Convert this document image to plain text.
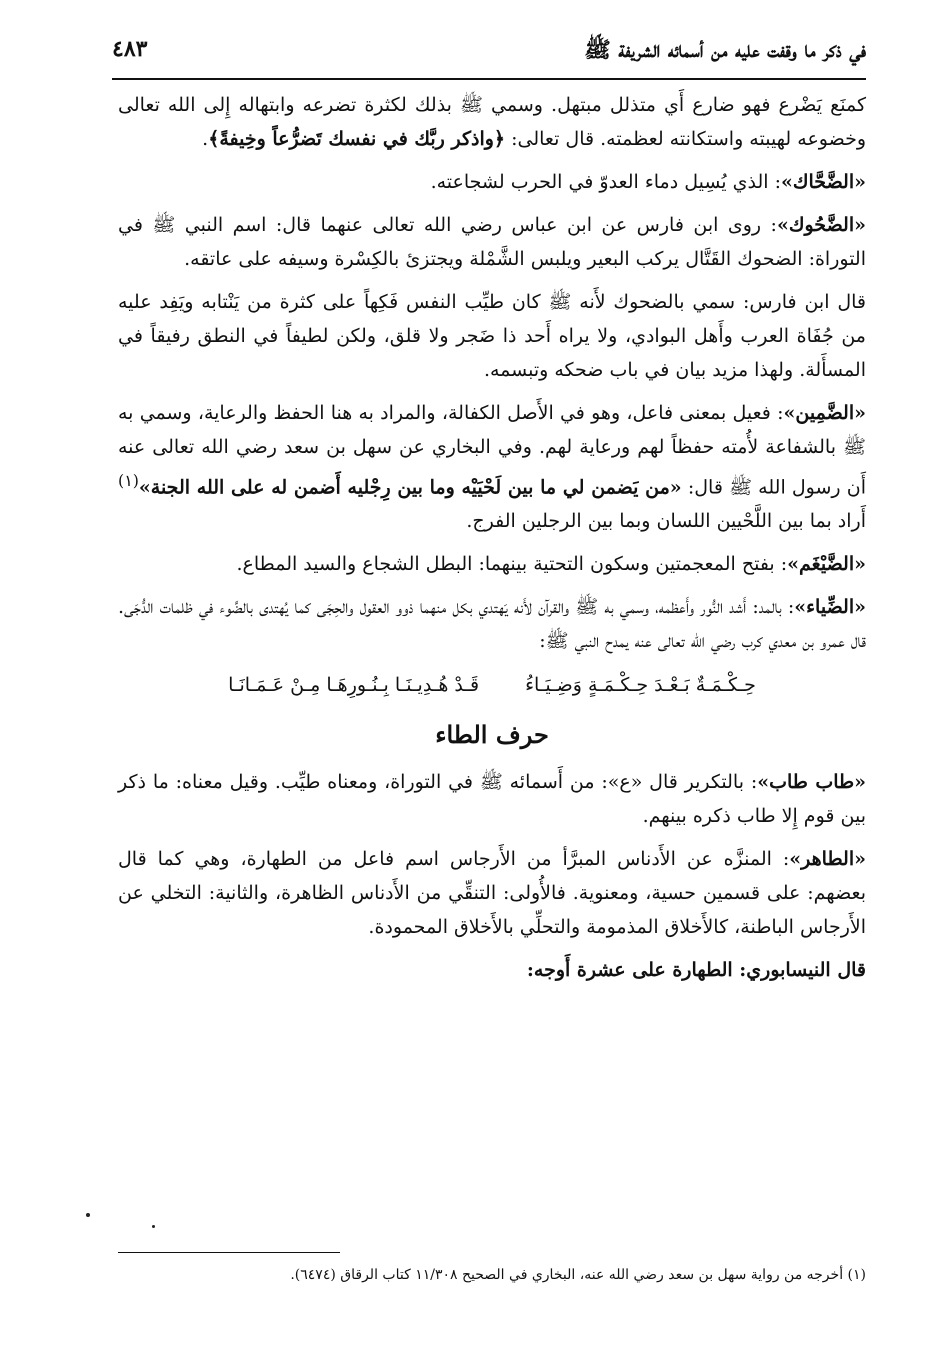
في ذكر ما وقفت عليه من أسمائه الشريفة ﷺ
٤٨٣

كمنَع يَضْرع فهو ضارع أَي متذلل مبتهل. وسمي ﷺ بذلك لكثرة تضرعه وابتهاله إِلى الله تعالى وخضوعه لهيبته واستكانته لعظمته. قال تعالى: ﴿واذكر ربَّك في نفسك تَضرُّعاً وخِيفةً﴾.

«الضَّحَّاك»: الذي يُسِيل دماء العدوّ في الحرب لشجاعته.

«الضَّحُوك»: روى ابن فارس عن ابن عباس رضي الله تعالى عنهما قال: اسم النبي ﷺ في التوراة: الضحوك القَتَّال يركب البعير ويلبس الشَّمْلة ويجتزئ بالكِسْرة وسيفه على عاتقه.

قال ابن فارس: سمي بالضحوك لأَنه ﷺ كان طيِّب النفس فَكِهاً على كثرة من يَنْتابه ويَفِد عليه من جُفَاة العرب وأَهل البوادي، ولا يراه أَحد ذا ضَجر ولا قلق، ولكن لطيفاً في النطق رفيقاً في المسأَلة. ولهذا مزيد بيان في باب ضحكه وتبسمه.

«الضَّمِين»: فعيل بمعنى فاعل، وهو في الأَصل الكفالة، والمراد به هنا الحفظ والرعاية، وسمي به ﷺ بالشفاعة لأُمته حفظاً لهم ورعاية لهم. وفي البخاري عن سهل بن سعد رضي الله تعالى عنه أَن رسول الله ﷺ قال: «من يَضمن لي ما بين لَحْيَيْه وما بين رِجْليه أَضمن له على الله الجنة»$^{(١)}$ أَراد بما بين اللَّحْيين اللسان وبما بين الرجلين الفرج.

«الضَّيْغَم»: بفتح المعجمتين وسكون التحتية بينهما: البطل الشجاع والسيد المطاع.

«الضِّياء»: بالمد: أَشد النُّور وأَعظمه، وسمي به ﷺ والقرآن لأَنه يَهتدي بكل منهما ذوو العقول والحِجَى كما يُهتدى بالضَّوء في ظلمات الدُّجَى. قال عمرو بن معدي كرب رضي الله تعالى عنه يمدح النبي ﷺ:

حِـكْـمَـةٌ بَـعْـدَ حِـكْـمَـةٍ وَضِـيَـاءُ
قَـدْ هُـدِيـنَـا بِـنُـورِهَـا مِـنْ عَـمَـانَـا
حرف الطاء

«طاب طاب»: بالتكرير قال «ع»: من أَسمائه ﷺ في التوراة، ومعناه طيِّب. وقيل معناه: ما ذكر بين قوم إِلا طاب ذكره بينهم.

«الطاهر»: المنزَّه عن الأَدناس المبرَّأ من الأَرجاس اسم فاعل من الطهارة، وهي كما قال بعضهم: على قسمين حسية، ومعنوية. فالأُولى: التنقِّي من الأَدناس الظاهرة، والثانية: التخلي عن الأَرجاس الباطنة، كالأَخلاق المذمومة والتحلِّي بالأَخلاق المحمودة.

قال النيسابوري: الطهارة على عشرة أَوجه:

(١) أخرجه من رواية سهل بن سعد رضي الله عنه، البخاري في الصحيح ١١/٣٠٨ كتاب الرقاق (٦٤٧٤).
